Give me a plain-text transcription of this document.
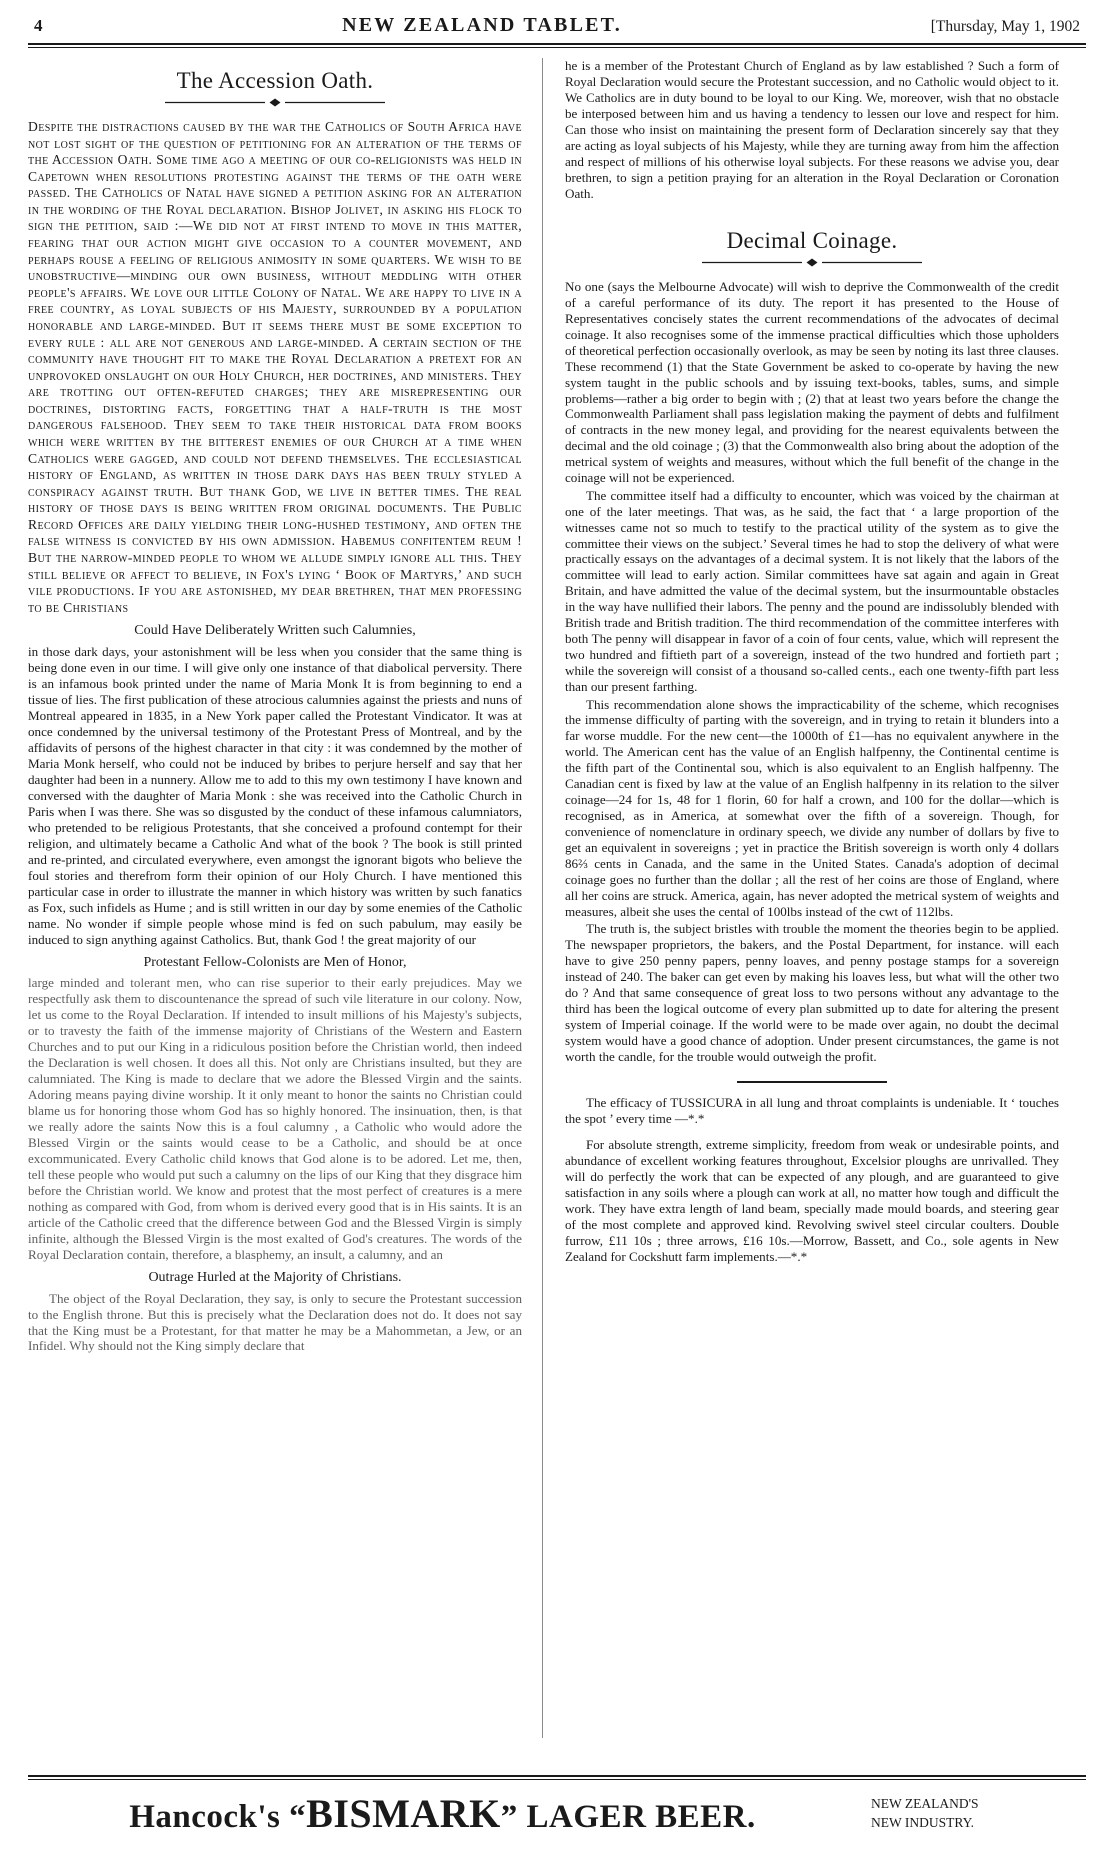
4	NEW ZEALAND TABLET.	[Thursday, May 1, 1902
The Accession Oath.

Despite the distractions caused by the war the Catholics of South Africa have not lost sight of the question of petitioning for an alteration of the terms of the Accession Oath. Some time ago a meeting of our co-religionists was held in Capetown when resolutions protesting against the terms of the oath were passed. The Catholics of Natal have signed a petition asking for an alteration in the wording of the Royal declaration. Bishop Jolivet, in asking his flock to sign the petition, said :—We did not at first intend to move in this matter, fearing that our action might give occasion to a counter movement, and perhaps rouse a feeling of religious animosity in some quarters. We wish to be unobstructive—minding our own business, without meddling with other people's affairs. We love our little Colony of Natal. We are happy to live in a free country, as loyal subjects of his Majesty, surrounded by a population honorable and large-minded. But it seems there must be some exception to every rule : all are not generous and large-minded. A certain section of the community have thought fit to make the Royal Declaration a pretext for an unprovoked onslaught on our Holy Church, her doctrines, and ministers. They are trotting out often-refuted charges; they are misrepresenting our doctrines, distorting facts, forgetting that a half-truth is the most dangerous falsehood. They seem to take their historical data from books which were written by the bitterest enemies of our Church at a time when Catholics were gagged, and could not defend themselves. The ecclesiastical history of England, as written in those dark days has been truly styled a conspiracy against truth. But thank God, we live in better times. The real history of those days is being written from original documents. The Public Record Offices are daily yielding their long-hushed testimony, and often the false witness is convicted by his own admission. Habemus confitentem reum ! But the narrow-minded people to whom we allude simply ignore all this. They still believe or affect to believe, in Fox's lying ‘ Book of Martyrs,’ and such vile productions. If you are astonished, my dear brethren, that men professing to be Christians

Could Have Deliberately Written such Calumnies,

in those dark days, your astonishment will be less when you consider that the same thing is being done even in our time. I will give only one instance of that diabolical perversity. There is an infamous book printed under the name of Maria Monk It is from beginning to end a tissue of lies. The first publication of these atrocious calumnies against the priests and nuns of Montreal appeared in 1835, in a New York paper called the Protestant Vindicator. It was at once condemned by the universal testimony of the Protestant Press of Montreal, and by the affidavits of persons of the highest character in that city : it was condemned by the mother of Maria Monk herself, who could not be induced by bribes to perjure herself and say that her daughter had been in a nunnery. Allow me to add to this my own testimony I have known and conversed with the daughter of Maria Monk : she was received into the Catholic Church in Paris when I was there. She was so disgusted by the conduct of these infamous calumniators, who pretended to be religious Protestants, that she conceived a profound contempt for their religion, and ultimately became a Catholic And what of the book ? The book is still printed and re-printed, and circulated everywhere, even amongst the ignorant bigots who believe the foul stories and therefrom form their opinion of our Holy Church. I have mentioned this particular case in order to illustrate the manner in which history was written by such fanatics as Fox, such infidels as Hume ; and is still written in our day by some enemies of the Catholic name. No wonder if simple people whose mind is fed on such pabulum, may easily be induced to sign anything against Catholics. But, thank God ! the great majority of our

Protestant Fellow-Colonists are Men of Honor,

large minded and tolerant men, who can rise superior to their early prejudices. May we respectfully ask them to discountenance the spread of such vile literature in our colony. Now, let us come to the Royal Declaration. If intended to insult millions of his Majesty's subjects, or to travesty the faith of the immense majority of Christians of the Western and Eastern Churches and to put our King in a ridiculous position before the Christian world, then indeed the Declaration is well chosen. It does all this. Not only are Christians insulted, but they are calumniated. The King is made to declare that we adore the Blessed Virgin and the saints. Adoring means paying divine worship. It it only meant to honor the saints no Christian could blame us for honoring those whom God has so highly honored. The insinuation, then, is that we really adore the saints Now this is a foul calumny , a Catholic who would adore the Blessed Virgin or the saints would cease to be a Catholic, and should be at once excommunicated. Every Catholic child knows that God alone is to be adored. Let me, then, tell these people who would put such a calumny on the lips of our King that they disgrace him before the Christian world. We know and protest that the most perfect of creatures is a mere nothing as compared with God, from whom is derived every good that is in His saints. It is an article of the Catholic creed that the difference between God and the Blessed Virgin is simply infinite, although the Blessed Virgin is the most exalted of God's creatures. The words of the Royal Declaration contain, therefore, a blasphemy, an insult, a calumny, and an

Outrage Hurled at the Majority of Christians.

The object of the Royal Declaration, they say, is only to secure the Protestant succession to the English throne. But this is precisely what the Declaration does not do. It does not say that the King must be a Protestant, for that matter he may be a Mahommetan, a Jew, or an Infidel. Why should not the King simply declare that

he is a member of the Protestant Church of England as by law established ? Such a form of Royal Declaration would secure the Protestant succession, and no Catholic would object to it. We Catholics are in duty bound to be loyal to our King. We, moreover, wish that no obstacle be interposed between him and us having a tendency to lessen our love and respect for him. Can those who insist on maintaining the present form of Declaration sincerely say that they are acting as loyal subjects of his Majesty, while they are turning away from him the affection and respect of millions of his otherwise loyal subjects. For these reasons we advise you, dear brethren, to sign a petition praying for an alteration in the Royal Declaration or Coronation Oath.

Decimal Coinage.

No one (says the Melbourne Advocate) will wish to deprive the Commonwealth of the credit of a careful performance of its duty. The report it has presented to the House of Representatives concisely states the current recommendations of the advocates of decimal coinage. It also recognises some of the immense practical difficulties which those upholders of theoretical perfection occasionally overlook, as may be seen by noting its last three clauses. These recommend (1) that the State Government be asked to co-operate by having the new system taught in the public schools and by issuing text-books, tables, sums, and simple problems—rather a big order to begin with ; (2) that at least two years before the change the Commonwealth Parliament shall pass legislation making the payment of debts and fulfilment of contracts in the new money legal, and providing for the nearest equivalents between the decimal and the old coinage ; (3) that the Commonwealth also bring about the adoption of the metrical system of weights and measures, without which the full benefit of the change in the coinage will not be experienced.

The committee itself had a difficulty to encounter, which was voiced by the chairman at one of the later meetings. That was, as he said, the fact that ‘ a large proportion of the witnesses came not so much to testify to the practical utility of the system as to give the committee their views on the subject.’ Several times he had to stop the delivery of what were practically essays on the advantages of a decimal system. It is not likely that the labors of the committee will lead to early action. Similar committees have sat again and again in Great Britain, and have admitted the value of the decimal system, but the insurmountable obstacles in the way have nullified their labors. The penny and the pound are indissolubly blended with British trade and British tradition. The third recommendation of the committee interferes with both The penny will disappear in favor of a coin of four cents, value, which will represent the two hundred and fiftieth part of a sovereign, instead of the two hundred and fortieth part ; while the sovereign will consist of a thousand so-called cents., each one twenty-fifth part less than our present farthing.

This recommendation alone shows the impracticability of the scheme, which recognises the immense difficulty of parting with the sovereign, and in trying to retain it blunders into a far worse muddle. For the new cent—the 1000th of £1—has no equivalent anywhere in the world. The American cent has the value of an English halfpenny, the Continental centime is the fifth part of the Continental sou, which is also equivalent to an English halfpenny. The Canadian cent is fixed by law at the value of an English halfpenny in its relation to the silver coinage—24 for 1s, 48 for 1 florin, 60 for half a crown, and 100 for the dollar—which is recognised, as in America, at somewhat over the fifth of a sovereign. Though, for convenience of nomenclature in ordinary speech, we divide any number of dollars by five to get an equivalent in sovereigns ; yet in practice the British sovereign is worth only 4 dollars 86⅔ cents in Canada, and the same in the United States. Canada's adoption of decimal coinage goes no further than the dollar ; all the rest of her coins are those of England, where all her coins are struck. America, again, has never adopted the metrical system of weights and measures, albeit she uses the cental of 100lbs instead of the cwt of 112lbs.

The truth is, the subject bristles with trouble the moment the theories begin to be applied. The newspaper proprietors, the bakers, and the Postal Department, for instance. will each have to give 250 penny papers, penny loaves, and penny postage stamps for a sovereign instead of 240. The baker can get even by making his loaves less, but what will the other two do ? And that same consequence of great loss to two persons without any advantage to the third has been the logical outcome of every plan submitted up to date for altering the present system of Imperial coinage. If the world were to be made over again, no doubt the decimal system would have a good chance of adoption. Under present circumstances, the game is not worth the candle, for the trouble would outweigh the profit.

The efficacy of TUSSICURA in all lung and throat complaints is undeniable. It ‘ touches the spot ’ every time —*.*

For absolute strength, extreme simplicity, freedom from weak or undesirable points, and abundance of excellent working features throughout, Excelsior ploughs are unrivalled. They will do perfectly the work that can be expected of any plough, and are guaranteed to give satisfaction in any soils where a plough can work at all, no matter how tough and difficult the work. They have extra length of land beam, specially made mould boards, and steering gear of the most complete and approved kind. Revolving swivel steel circular coulters. Double furrow, £11 10s ; three arrows, £16 10s.—Morrow, Bassett, and Co., sole agents in New Zealand for Cockshutt farm implements.—*.*

Hancock's “BISMARK” LAGER BEER.	NEW ZEALAND'S
NEW INDUSTRY.
